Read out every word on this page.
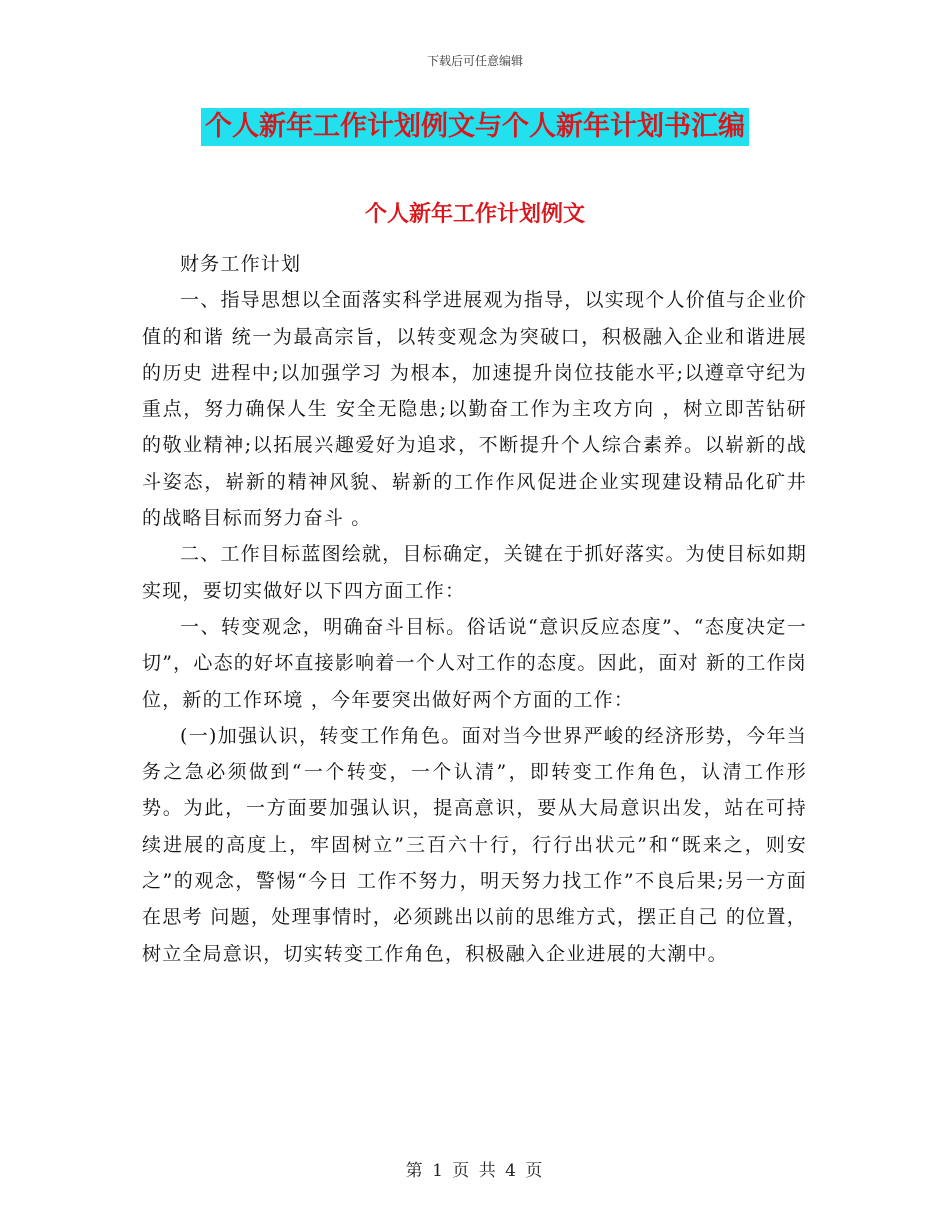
下载后可任意编辑
个人新年工作计划例文与个人新年计划书汇编
个人新年工作计划例文

财务工作计划

一、指导思想以全面落实科学进展观为指导，以实现个人价值与企业价值的和谐 统一为最高宗旨，以转变观念为突破口，积极融入企业和谐进展的历史 进程中;以加强学习 为根本，加速提升岗位技能水平;以遵章守纪为重点，努力确保人生 安全无隐患;以勤奋工作为主攻方向 ，树立即苦钻研的敬业精神;以拓展兴趣爱好为追求，不断提升个人综合素养。以崭新的战斗姿态，崭新的精神风貌、崭新的工作作风促进企业实现建设精品化矿井的战略目标而努力奋斗 。

二、工作目标蓝图绘就，目标确定，关键在于抓好落实。为使目标如期实现，要切实做好以下四方面工作：

一、转变观念，明确奋斗目标。俗话说“意识反应态度”、“态度决定一切”，心态的好坏直接影响着一个人对工作的态度。因此，面对 新的工作岗位，新的工作环境 ，今年要突出做好两个方面的工作：

(一)加强认识，转变工作角色。面对当今世界严峻的经济形势，今年当务之急必须做到“一个转变，一个认清”，即转变工作角色，认清工作形势。为此，一方面要加强认识，提高意识，要从大局意识出发，站在可持续进展的高度上，牢固树立”三百六十行，行行出状元”和“既来之，则安之”的观念，警惕“今日 工作不努力，明天努力找工作”不良后果;另一方面在思考 问题，处理事情时，必须跳出以前的思维方式，摆正自己 的位置，树立全局意识，切实转变工作角色，积极融入企业进展的大潮中。

第 1 页 共 4 页
